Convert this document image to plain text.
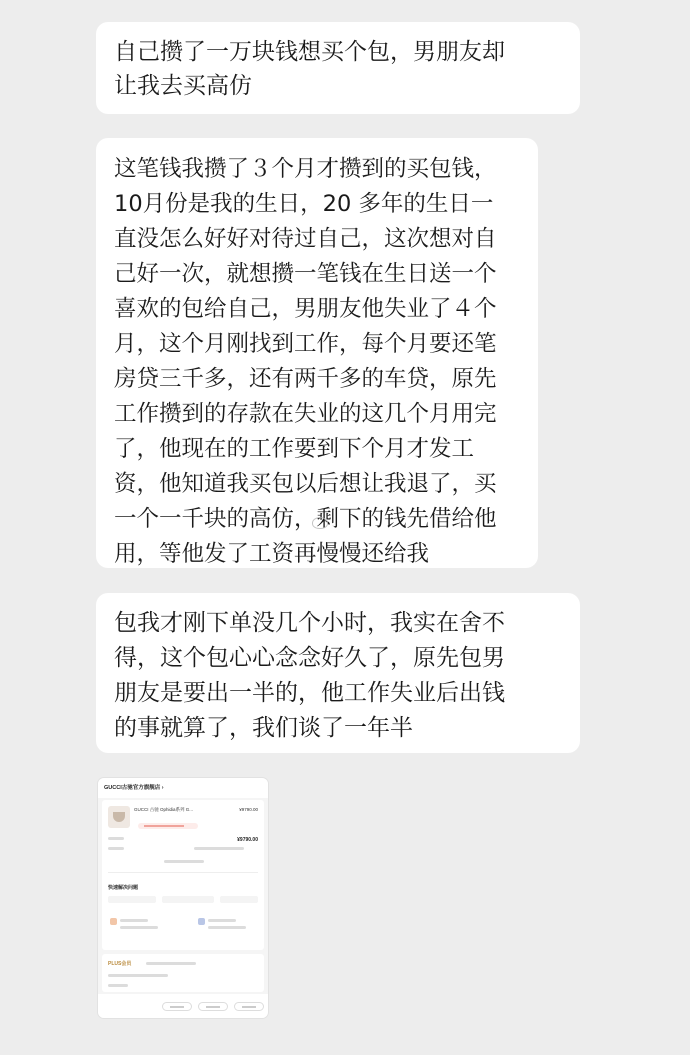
自己攒了一万块钱想买个包，男朋友却
让我去买高仿
这笔钱我攒了３个月才攒到的买包钱，
10月份是我的生日，20 多年的生日一
直没怎么好好对待过自己，这次想对自
己好一次，就想攒一笔钱在生日送一个
喜欢的包给自己，男朋友他失业了４个
月，这个月刚找到工作，每个月要还笔
房贷三千多，还有两千多的车贷，原先
工作攒到的存款在失业的这几个月用完
了，他现在的工作要到下个月才发工
资，他知道我买包以后想让我退了，买
一个一千块的高仿，剩下的钱先借给他
用，等他发了工资再慢慢还给我
包我才刚下单没几个小时，我实在舍不
得，这个包心心念念好久了，原先包男
朋友是要出一半的，他工作失业后出钱
的事就算了，我们谈了一年半
GUCCI古驰官方旗舰店 ›
GUCCI 古驰 Ophidia系列 G...	¥9790.00
¥9790.00
快速解决问题
PLUS会员
